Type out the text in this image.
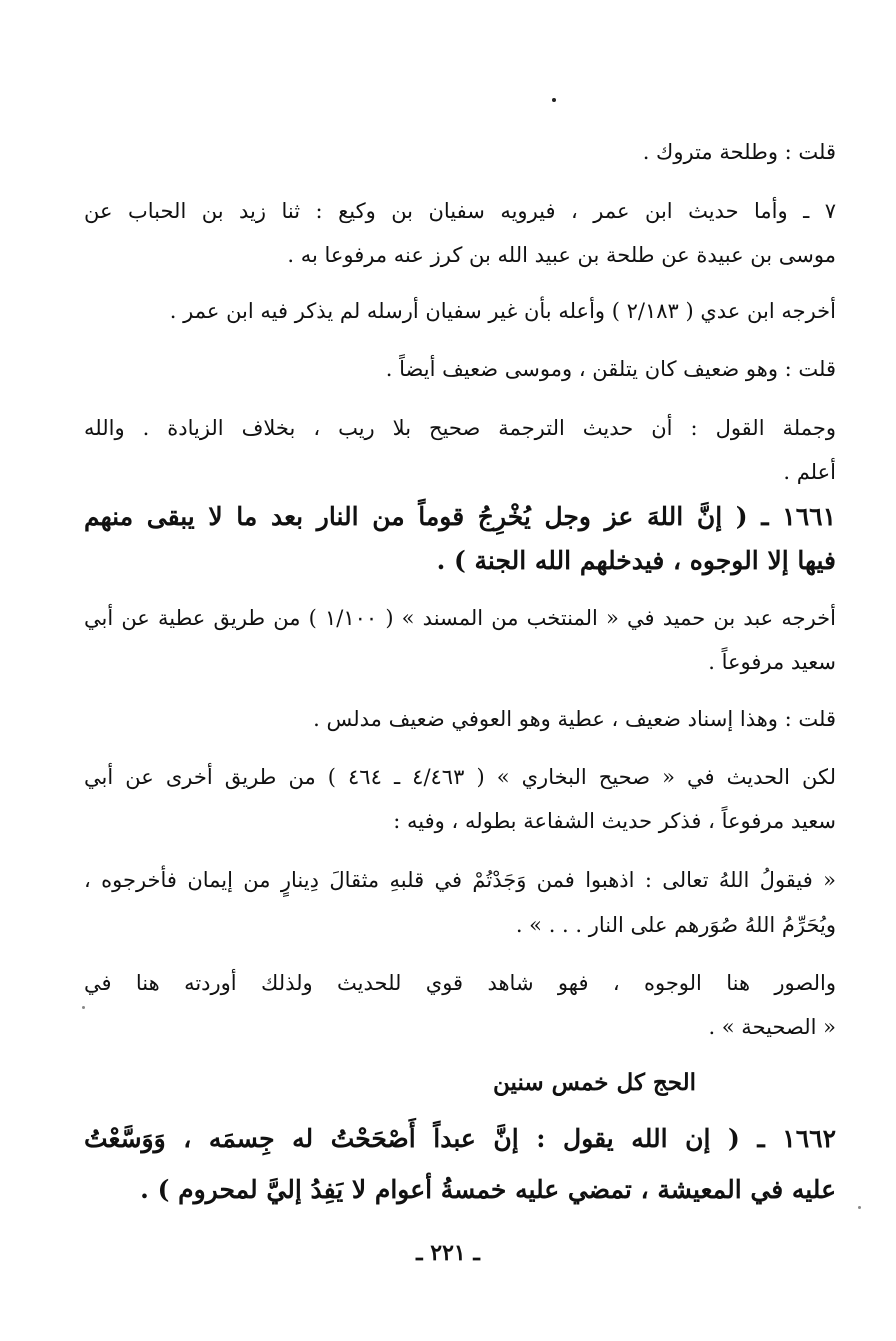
قلت : وطلحة متروك .
٧ ـ وأما حديث ابن عمر ، فيرويه سفيان بن وكيع : ثنا زيد بن الحباب عن
موسى بن عبيدة عن طلحة بن عبيد الله بن كرز عنه مرفوعا به .
أخرجه ابن عدي ( ٢/١٨٣ ) وأعله بأن غير سفيان أرسله لم يذكر فيه ابن عمر .
قلت : وهو ضعيف كان يتلقن ، وموسى ضعيف أيضاً .
وجملة القول : أن حديث الترجمة صحيح بلا ريب ، بخلاف الزيادة . والله
أعلم .
١٦٦١ ـ ( إنَّ اللهَ عز وجل يُخْرِجُ قوماً من النار بعد ما لا يبقى منهم
فيها إلا الوجوه ، فيدخلهم الله الجنة ) .
أخرجه عبد بن حميد في « المنتخب من المسند » ( ١/١٠٠ ) من طريق عطية عن أبي
سعيد مرفوعاً .
قلت : وهذا إسناد ضعيف ، عطية وهو العوفي ضعيف مدلس .
لكن الحديث في « صحيح البخاري » ( ٤/٤٦٣ ـ ٤٦٤ ) من طريق أخرى عن أبي
سعيد مرفوعاً ، فذكر حديث الشفاعة بطوله ، وفيه :
« فيقولُ اللهُ تعالى : اذهبوا فمن وَجَدْتُمْ في قلبهِ مثقالَ دِينارٍ من إيمان فأخرجوه ،
ويُحَرِّمُ اللهُ صُوَرهم على النار . . . » .
والصور هنا الوجوه ، فهو شاهد قوي للحديث ولذلك أوردته هنا في
« الصحيحة » .
الحج كل خمس سنين
١٦٦٢ ـ ( إن الله يقول : إنَّ عبداً أَصْحَحْتُ له جِسمَه ، وَوَسَّعْتُ
عليه في المعيشة ، تمضي عليه خمسةُ أعوام لا يَفِدُ إليَّ لمحروم ) .
ـ ٢٢١ ـ
